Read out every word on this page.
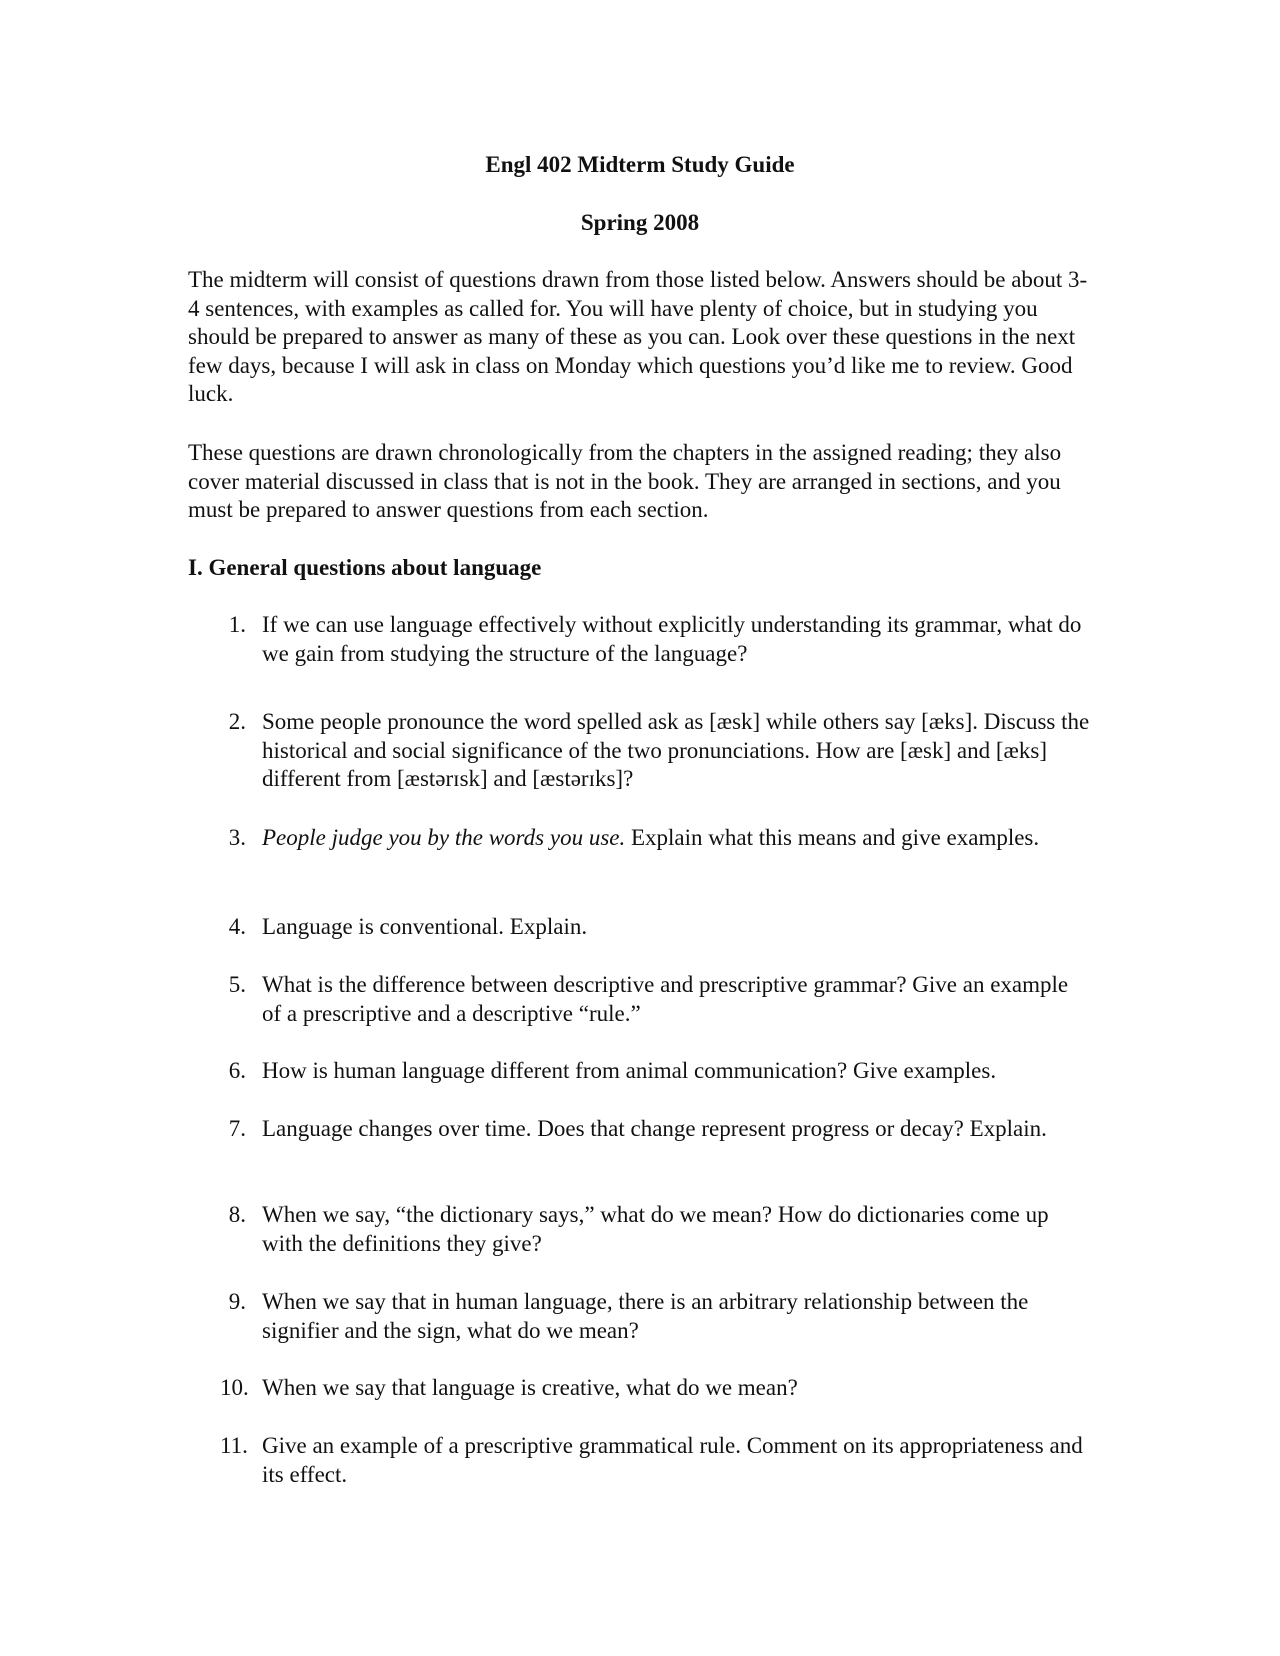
Engl 402 Midterm Study Guide
Spring 2008

The midterm will consist of questions drawn from those listed below. Answers should be about 3-4 sentences, with examples as called for. You will have plenty of choice, but in studying you should be prepared to answer as many of these as you can. Look over these questions in the next few days, because I will ask in class on Monday which questions you’d like me to review. Good luck.

These questions are drawn chronologically from the chapters in the assigned reading; they also cover material discussed in class that is not in the book. They are arranged in sections, and you must be prepared to answer questions from each section.

I. General questions about language
1. If we can use language effectively without explicitly understanding its grammar, what do we gain from studying the structure of the language?
2. Some people pronounce the word spelled ask as [æsk] while others say [æks]. Discuss the historical and social significance of the two pronunciations. How are [æsk] and [æks] different from [æstərɪsk] and [æstərɪks]?
3. People judge you by the words you use. Explain what this means and give examples.
4. Language is conventional. Explain.
5. What is the difference between descriptive and prescriptive grammar? Give an example of a prescriptive and a descriptive “rule.”
6. How is human language different from animal communication? Give examples.
7. Language changes over time. Does that change represent progress or decay? Explain.
8. When we say, “the dictionary says,” what do we mean? How do dictionaries come up with the definitions they give?
9. When we say that in human language, there is an arbitrary relationship between the signifier and the sign, what do we mean?
10. When we say that language is creative, what do we mean?
11. Give an example of a prescriptive grammatical rule. Comment on its appropriateness and its effect.
